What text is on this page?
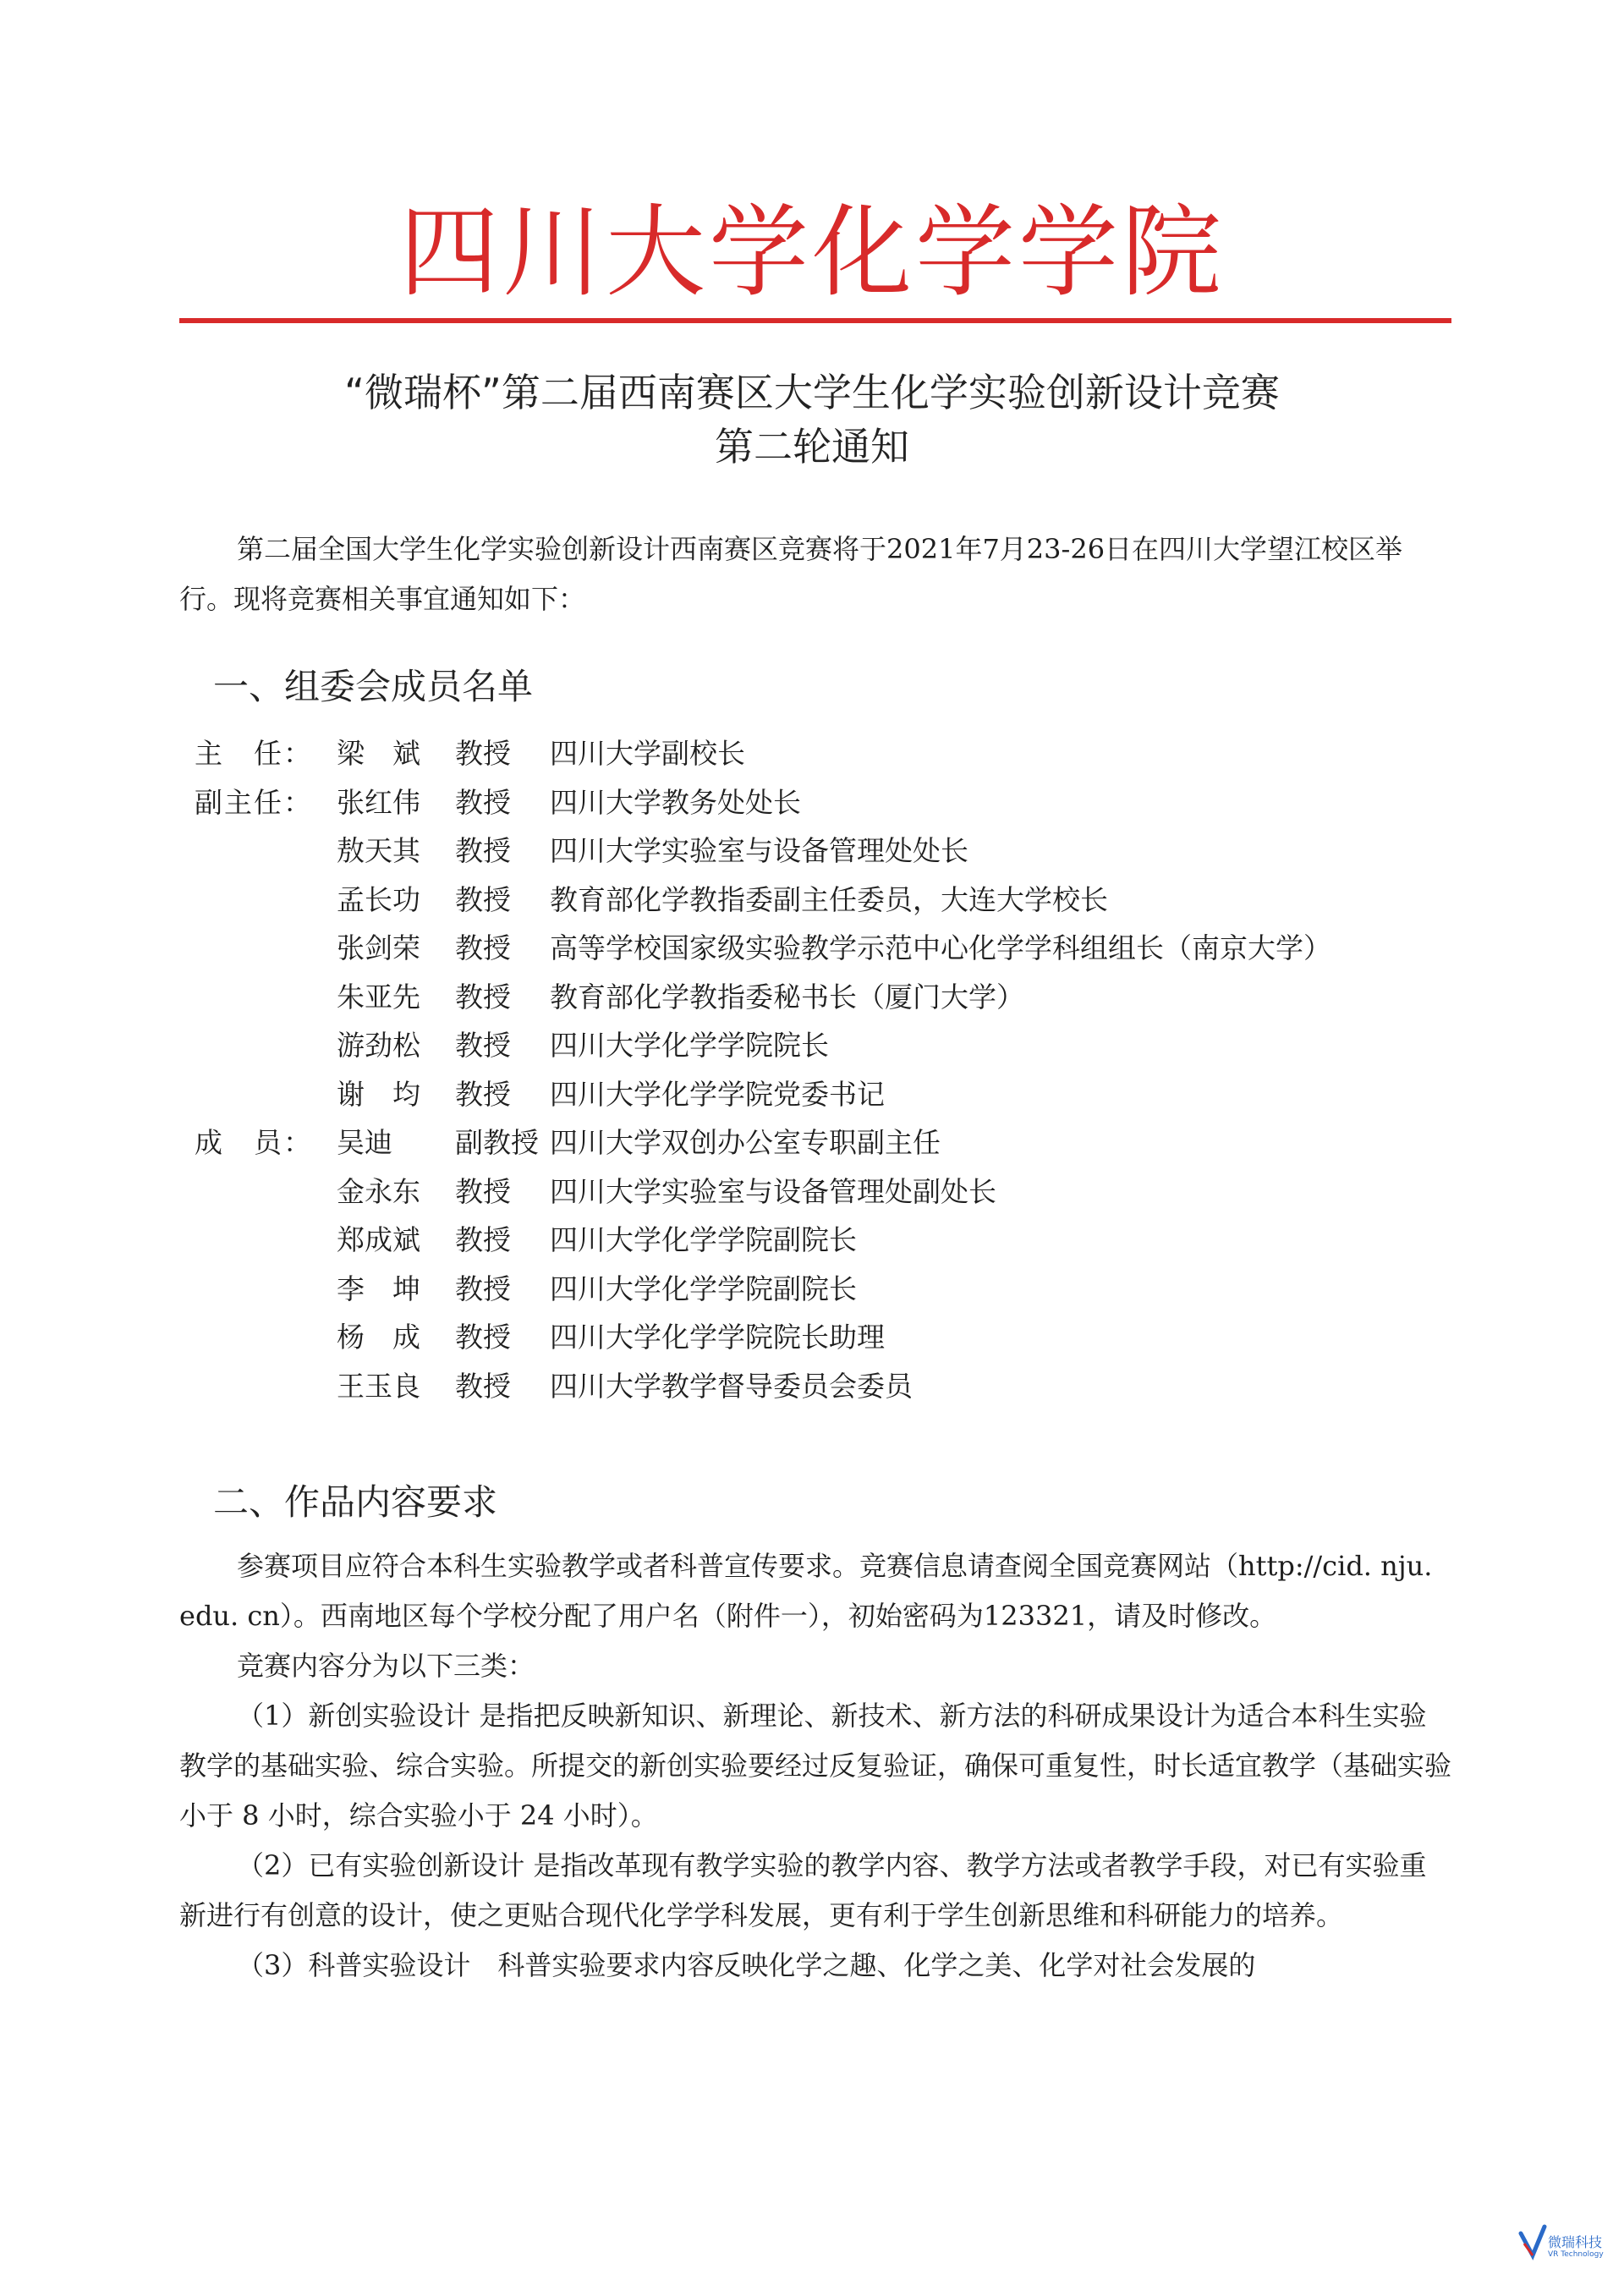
四川大学化学学院
“微瑞杯”第二届西南赛区大学生化学实验创新设计竞赛
第二轮通知

第二届全国大学生化学实验创新设计西南赛区竞赛将于2021年7月23-26日在四川大学望江校区举行。现将竞赛相关事宜通知如下：

一、组委会成员名单
主　任： 梁　斌	教授	四川大学副校长
副主任： 张红伟	教授	四川大学教务处处长
敖天其	教授	四川大学实验室与设备管理处处长
孟长功	教授	教育部化学教指委副主任委员，大连大学校长
张剑荣	教授	高等学校国家级实验教学示范中心化学学科组组长（南京大学）
朱亚先	教授	教育部化学教指委秘书长（厦门大学）
游劲松	教授	四川大学化学学院院长
谢　均	教授	四川大学化学学院党委书记
成　员： 吴迪	副教授 四川大学双创办公室专职副主任
金永东	教授	四川大学实验室与设备管理处副处长
郑成斌	教授	四川大学化学学院副院长
李　坤	教授	四川大学化学学院副院长
杨　成	教授	四川大学化学学院院长助理
王玉良	教授	四川大学教学督导委员会委员
二、作品内容要求

参赛项目应符合本科生实验教学或者科普宣传要求。竞赛信息请查阅全国竞赛网站（http://cid. nju. edu. cn）。西南地区每个学校分配了用户名（附件一），初始密码为123321，请及时修改。

竞赛内容分为以下三类：

（1）新创实验设计 是指把反映新知识、新理论、新技术、新方法的科研成果设计为适合本科生实验教学的基础实验、综合实验。所提交的新创实验要经过反复验证，确保可重复性，时长适宜教学（基础实验小于 8 小时，综合实验小于 24 小时）。

（2）已有实验创新设计 是指改革现有教学实验的教学内容、教学方法或者教学手段，对已有实验重新进行有创意的设计，使之更贴合现代化学学科发展，更有利于学生创新思维和科研能力的培养。

（3）科普实验设计　科普实验要求内容反映化学之趣、化学之美、化学对社会发展的

微瑞科技
VR Technology
